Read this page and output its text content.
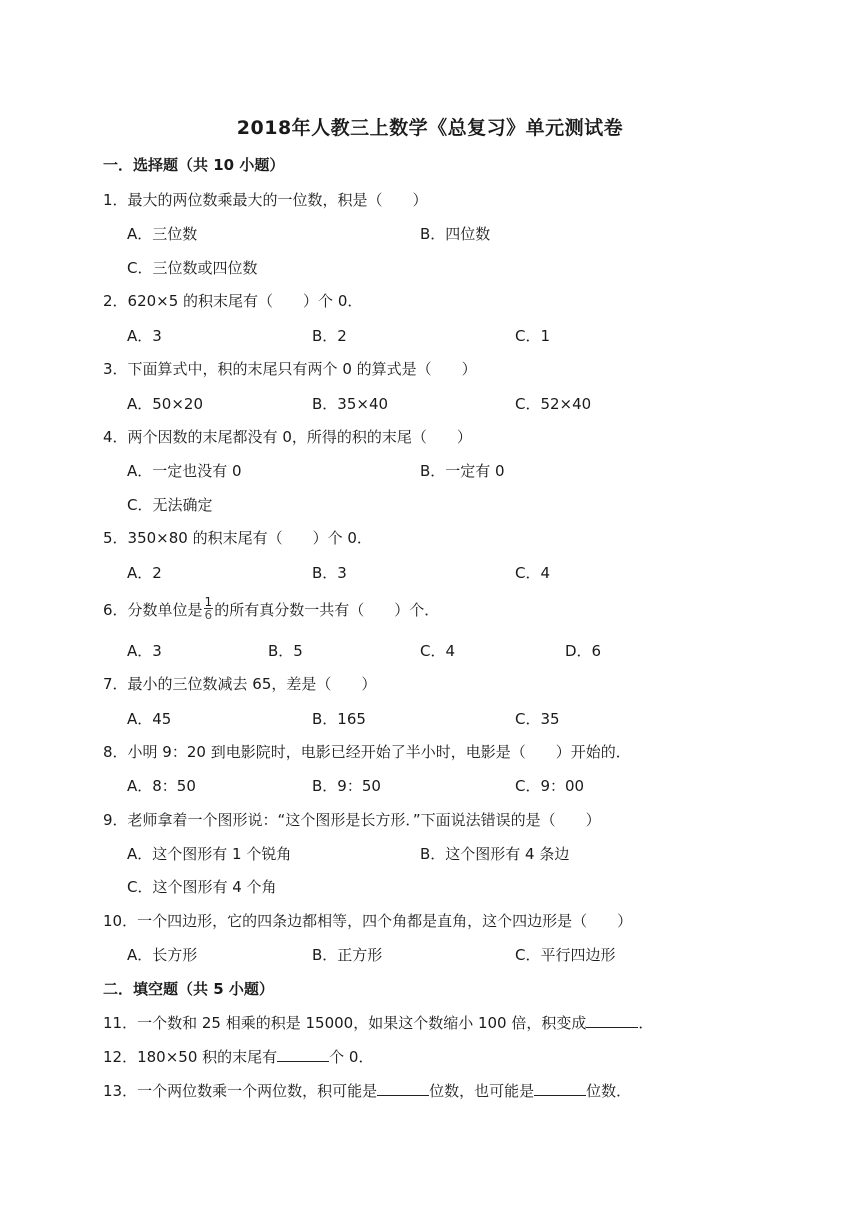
2018年人教三上数学《总复习》单元测试卷
一．选择题（共 10 小题）
1．最大的两位数乘最大的一位数，积是（　　）
A．三位数	B．四位数
C．三位数或四位数
2．620×5 的积末尾有（　　）个 0．
A．3	B．2	C．1
3．下面算式中，积的末尾只有两个 0 的算式是（　　）
A．50×20	B．35×40	C．52×40
4．两个因数的末尾都没有 0，所得的积的末尾（　　）
A．一定也没有 0	B．一定有 0
C．无法确定
5．350×80 的积末尾有（　　）个 0．
A．2	B．3	C．4
6．分数单位是 $\frac{1}{6}$ 的所有真分数一共有（　　）个．
A．3	B．5	C．4	D．6
7．最小的三位数减去 65，差是（　　）
A．45	B．165	C．35
8．小明 9：20 到电影院时，电影已经开始了半小时，电影是（　　）开始的．
A．8：50	B．9：50	C．9：00
9．老师拿着一个图形说：“这个图形是长方形．”下面说法错误的是（　　）
A．这个图形有 1 个锐角	B．这个图形有 4 条边
C．这个图形有 4 个角
10．一个四边形，它的四条边都相等，四个角都是直角，这个四边形是（　　）
A．长方形	B．正方形	C．平行四边形
二．填空题（共 5 小题）
11．一个数和 25 相乘的积是 15000，如果这个数缩小 100 倍，积变成	．
12．180×50 积的末尾有	个 0．
13．一个两位数乘一个两位数，积可能是	位数，也可能是	位数．
